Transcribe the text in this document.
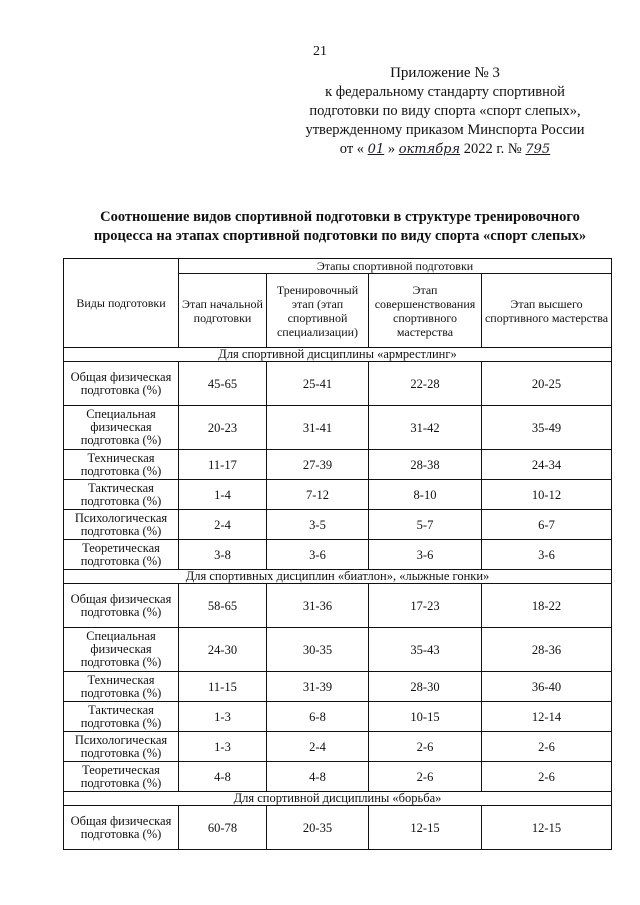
21
Приложение № 3
к федеральному стандарту спортивной
подготовки по виду спорта «спорт слепых»,
утвержденному приказом Минспорта России
от « 01 » октября 2022 г. № 795
Соотношение видов спортивной подготовки в структуре тренировочного
процесса на этапах спортивной подготовки по виду спорта «спорт слепых»
Виды подготовки	Этапы спортивной подготовки			
	Этап начальной подготовки	Тренировочный этап (этап спортивной специализации)	Этап совершенствования спортивного мастерства	Этап высшего спортивного мастерства
Для спортивной дисциплины «армрестлинг»				
Общая физическая подготовка (%)	45-65	25-41	22-28	20-25
Специальная физическая подготовка (%)	20-23	31-41	31-42	35-49
Техническая подготовка (%)	11-17	27-39	28-38	24-34
Тактическая подготовка (%)	1-4	7-12	8-10	10-12
Психологическая подготовка (%)	2-4	3-5	5-7	6-7
Теоретическая подготовка (%)	3-8	3-6	3-6	3-6
Для спортивных дисциплин «биатлон», «лыжные гонки»				
Общая физическая подготовка (%)	58-65	31-36	17-23	18-22
Специальная физическая подготовка (%)	24-30	30-35	35-43	28-36
Техническая подготовка (%)	11-15	31-39	28-30	36-40
Тактическая подготовка (%)	1-3	6-8	10-15	12-14
Психологическая подготовка (%)	1-3	2-4	2-6	2-6
Теоретическая подготовка (%)	4-8	4-8	2-6	2-6
Для спортивной дисциплины «борьба»				
Общая физическая подготовка (%)	60-78	20-35	12-15	12-15
